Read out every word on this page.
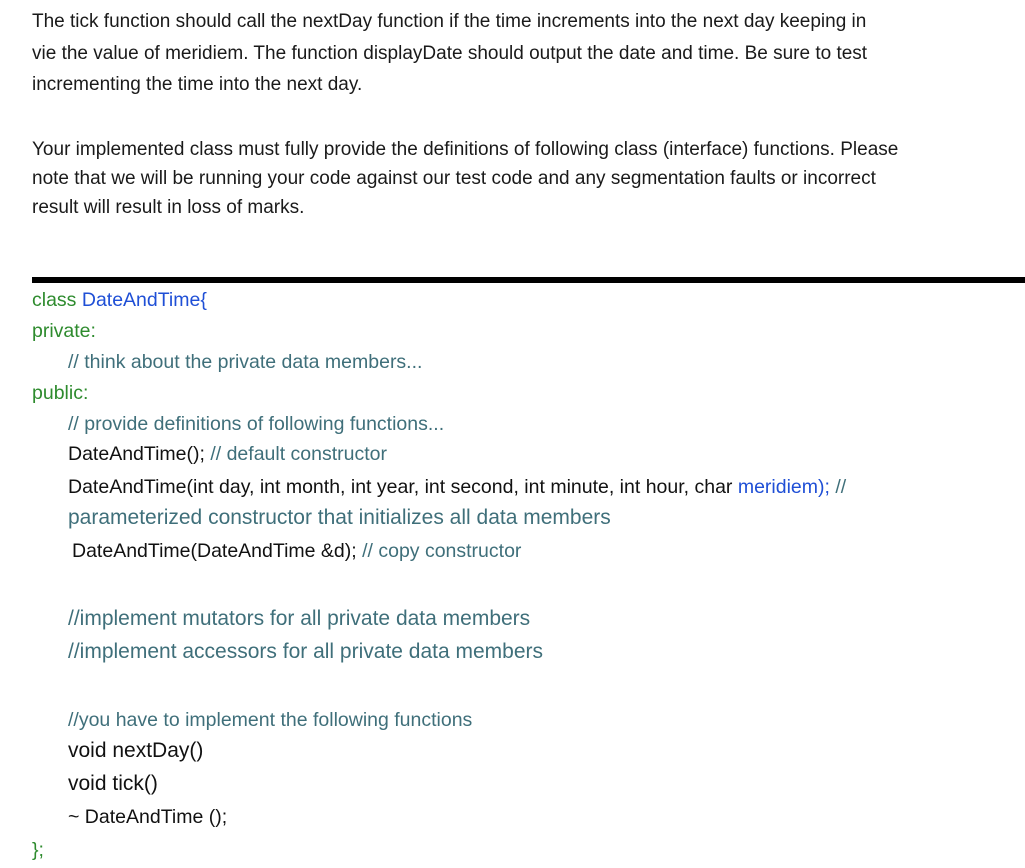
The tick function should call the nextDay function if the time increments into the next day keeping in
vie the value of meridiem. The function displayDate should output the date and time. Be sure to test
incrementing the time into the next day.
Your implemented class must fully provide the definitions of following class (interface) functions. Please
note that we will be running your code against our test code and any segmentation faults or incorrect
result will result in loss of marks.
class DateAndTime{
private:
// think about the private data members...
public:
// provide definitions of following functions...
DateAndTime(); // default constructor
DateAndTime(int day, int month, int year, int second, int minute, int hour, char meridiem); //
parameterized constructor that initializes all data members
DateAndTime(DateAndTime &d); // copy constructor
//implement mutators for all private data members
//implement accessors for all private data members
//you have to implement the following functions
void nextDay()
void tick()
~ DateAndTime ();
};
